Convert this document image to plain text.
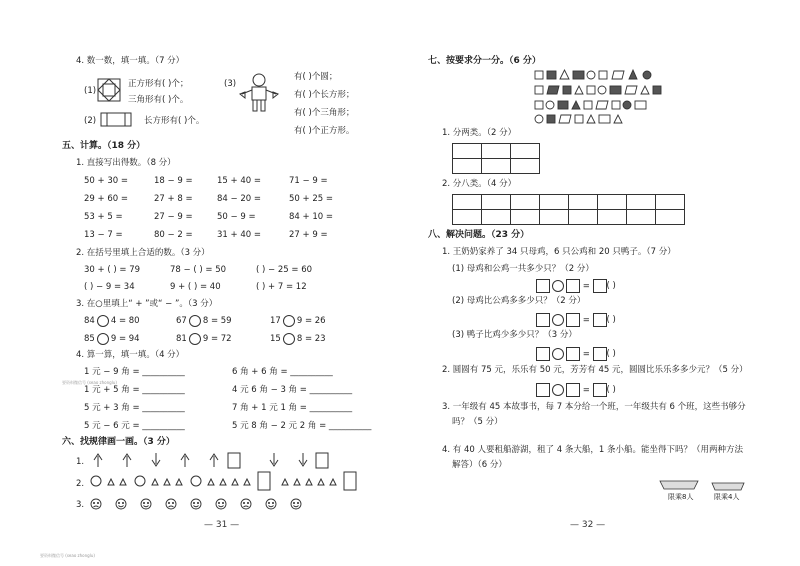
4. 数一数，填一填。（7 分）
(1)
正方形有( )个；
三角形有( )个。
(3)
有( )个圆；
有( )个长方形；
有( )个三角形；
有( )个正方形。
(2)	长方形有( )个。
五、计算。（18 分）
1. 直接写出得数。（8 分）
50 + 30 =	18 − 9 =	15 + 40 =	71 − 9 =
29 + 60 =	27 + 8 =	84 − 20 =	50 + 25 =
53 + 5 =	27 − 9 =	50 − 9 =	84 + 10 =
13 − 7 =	80 − 2 =	31 + 40 =	27 + 9 =
2. 在括号里填上合适的数。（3 分）
30 + ( ) = 79	78 − ( ) = 50	( ) − 25 = 60
( ) − 9 = 34	9 + ( ) = 40	( ) + 7 = 12
3. 在○里填上“ + ”或“ − ”。（3 分）
84 4 = 80	67 8 = 59	17 9 = 26
85 9 = 94	81 9 = 72	15 8 = 23
4. 算一算，填一填。（4 分）
1 元 − 9 角 = __________	6 角 + 6 角 = __________
1 元 + 5 角 = __________	4 元 6 角 − 3 角 = __________
5 元 + 3 角 = __________	7 角 + 1 元 1 角 = __________
5 元 − 6 元 = __________	5 元 8 角 − 2 元 2 角 = __________
六、找规律画一画。（3 分）
1.
2.
3.
要资料微信号 (seao zhonglu)
要资料微信号 (seao zhonglu)
— 31 —
七、按要求分一分。（6 分）
1. 分两类。（2 分）

2. 分八类。（4 分）

八、解决问题。（23 分）
1. 王奶奶家养了 34 只母鸡，6 只公鸡和 20 只鸭子。（7 分）
(1) 母鸡和公鸡一共多少只？（2 分）
= ( )
(2) 母鸡比公鸡多多少只？（2 分）
= ( )
(3) 鸭子比鸡少多少只？（3 分）
= ( )
2. 圆圆有 75 元，乐乐有 50 元，芳芳有 45 元，圆圆比乐乐多多少元？（5 分）
= ( )
3. 一年级有 45 本故事书，每 7 本分给一个班，一年级共有 6 个班，这些书够分
吗？（5 分）
4. 有 40 人要租船游湖，租了 4 条大船，1 条小船。能坐得下吗？（用两种方法
解答）（6 分）
限乘8人	限乘4人
— 32 —
